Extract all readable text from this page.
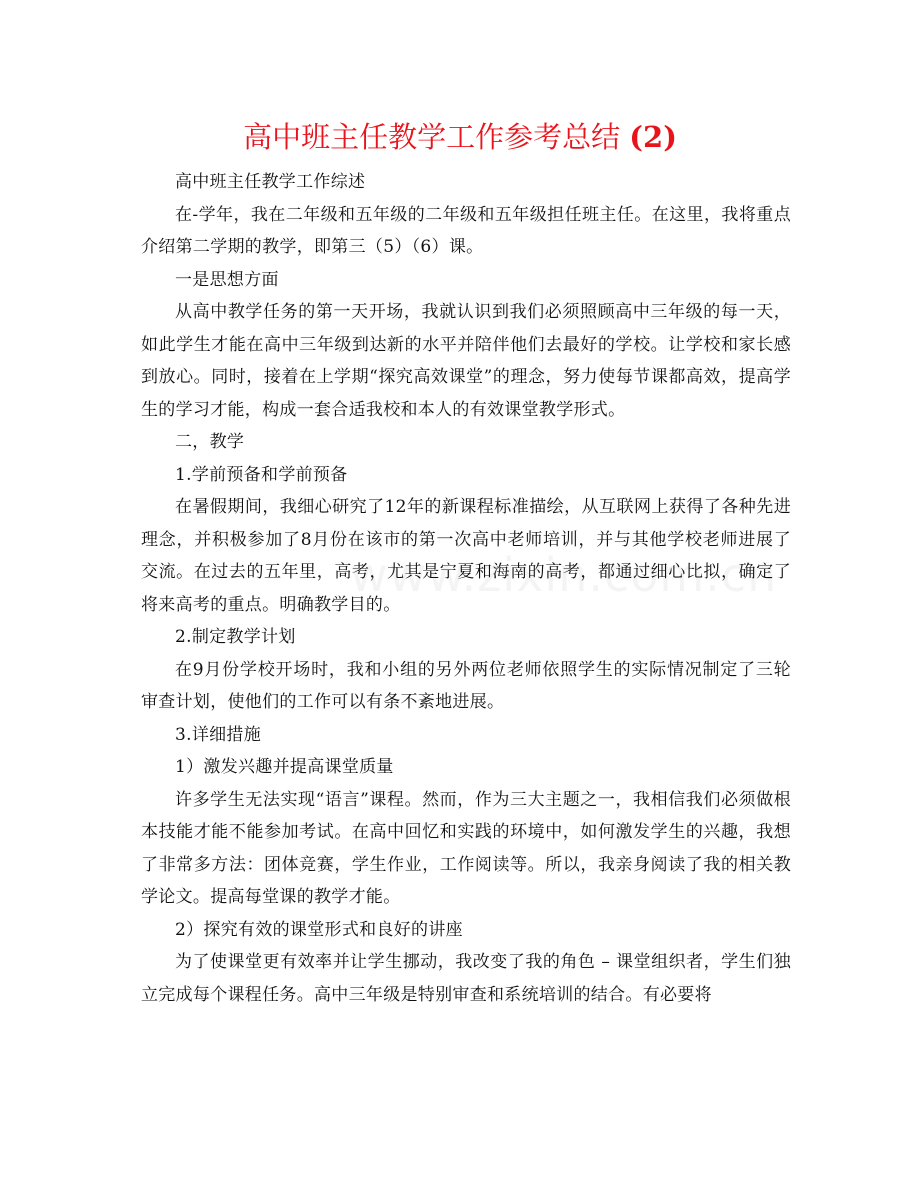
高中班主任教学工作参考总结 (2)

高中班主任教学工作综述

在-学年，我在二年级和五年级的二年级和五年级担任班主任。在这里，我将重点介绍第二学期的教学，即第三（5）（6）课。

一是思想方面

从高中教学任务的第一天开场，我就认识到我们必须照顾高中三年级的每一天，如此学生才能在高中三年级到达新的水平并陪伴他们去最好的学校。让学校和家长感到放心。同时，接着在上学期“探究高效课堂”的理念，努力使每节课都高效，提高学生的学习才能，构成一套合适我校和本人的有效课堂教学形式。

二，教学

1.学前预备和学前预备

在暑假期间，我细心研究了12年的新课程标准描绘，从互联网上获得了各种先进理念，并积极参加了8月份在该市的第一次高中老师培训，并与其他学校老师进展了交流。在过去的五年里，高考，尤其是宁夏和海南的高考，都通过细心比拟，确定了将来高考的重点。明确教学目的。

2.制定教学计划

在9月份学校开场时，我和小组的另外两位老师依照学生的实际情况制定了三轮审查计划，使他们的工作可以有条不紊地进展。

3.详细措施

1）激发兴趣并提高课堂质量

许多学生无法实现“语言”课程。然而，作为三大主题之一，我相信我们必须做根本技能才能不能参加考试。在高中回忆和实践的环境中，如何激发学生的兴趣，我想了非常多方法：团体竞赛，学生作业，工作阅读等。所以，我亲身阅读了我的相关教学论文。提高每堂课的教学才能。

2）探究有效的课堂形式和良好的讲座

为了使课堂更有效率并让学生挪动，我改变了我的角色 – 课堂组织者，学生们独立完成每个课程任务。高中三年级是特别审查和系统培训的结合。有必要将
